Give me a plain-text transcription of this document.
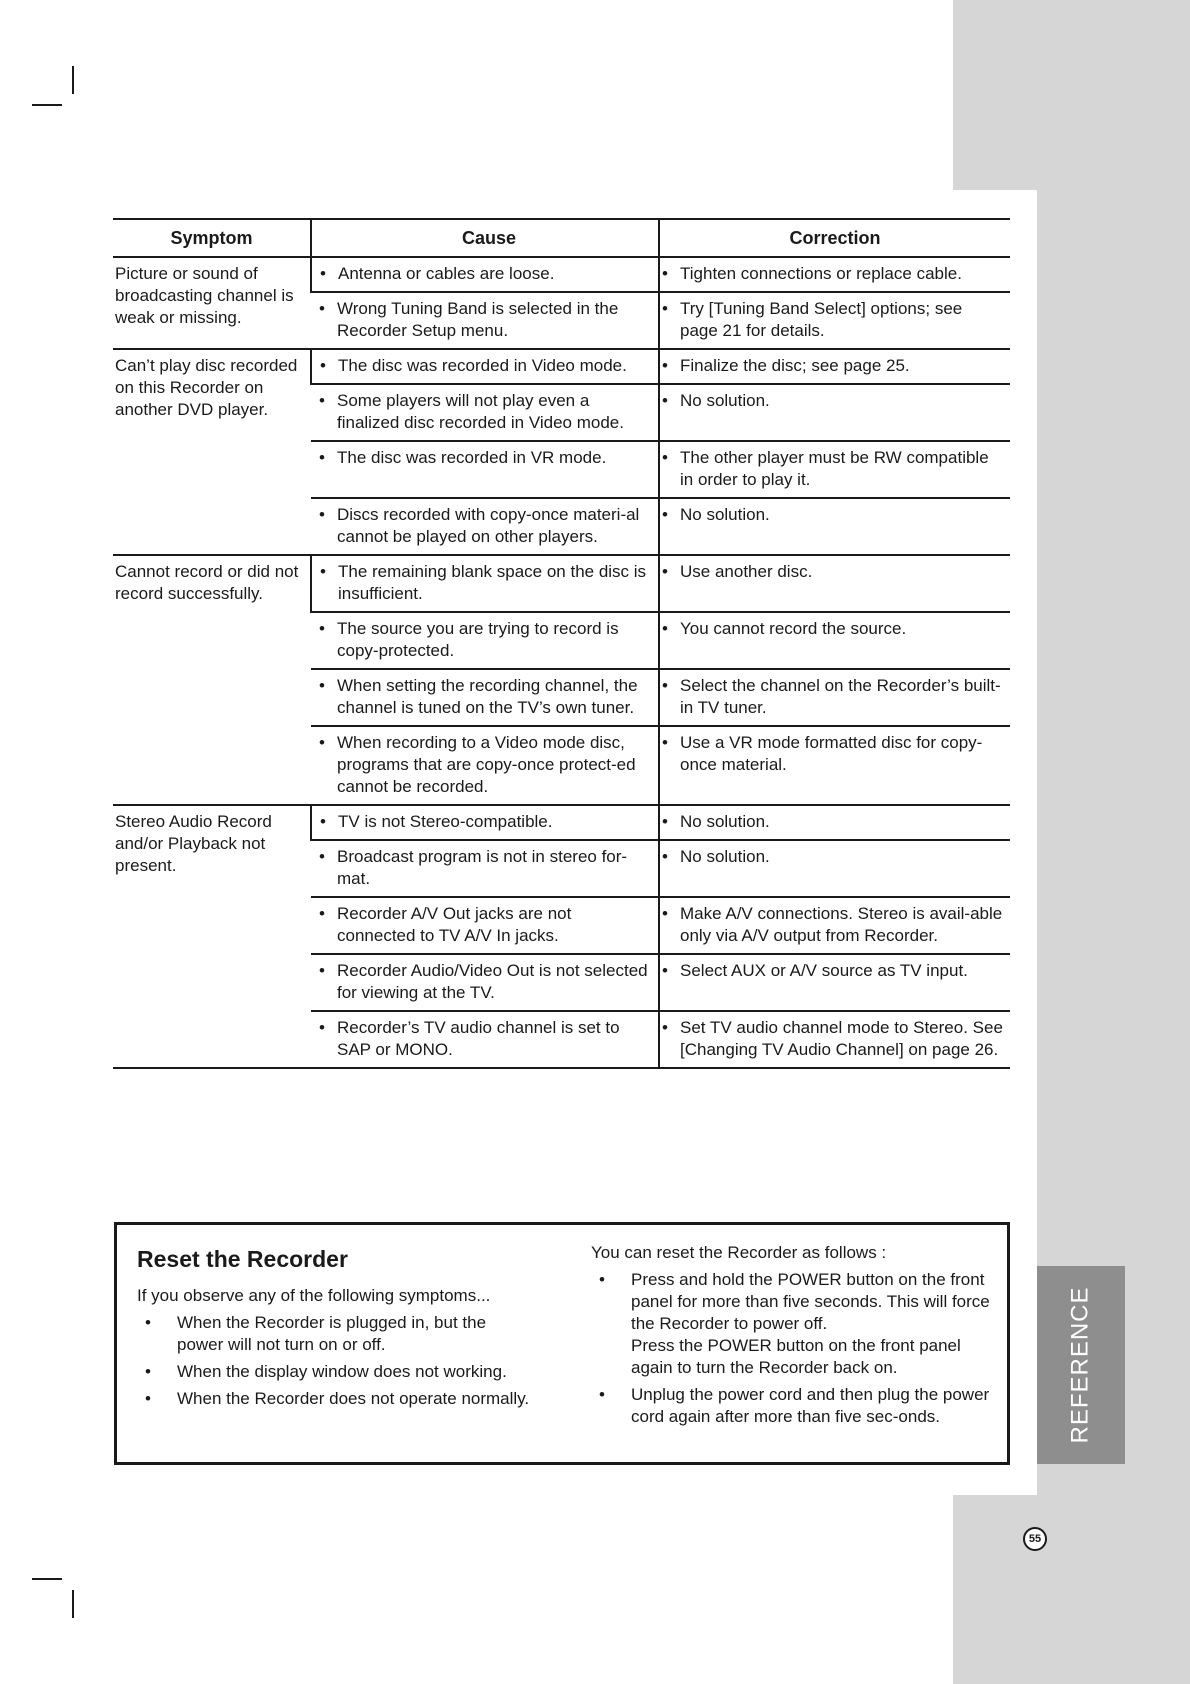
REFERENCE
55
Symptom	Cause	Correction
Picture or sound of broadcasting channel is weak or missing.	• Antenna or cables are loose.	• Tighten connections or replace cable.

	• Wrong Tuning Band is selected in the Recorder Setup menu.	• Try [Tuning Band Select] options; see page 21 for details.

Can’t play disc recorded on this Recorder on another DVD player.	• The disc was recorded in Video mode.	• Finalize the disc; see page 25.

	• Some players will not play even a finalized disc recorded in Video mode.	• No solution.

	• The disc was recorded in VR mode.	• The other player must be RW compatible in order to play it.

	• Discs recorded with copy-once materi-al cannot be played on other players.	• No solution.

Cannot record or did not record successfully.	• The remaining blank space on the disc is insufficient.	• Use another disc.

	• The source you are trying to record is copy-protected.	• You cannot record the source.

	• When setting the recording channel, the channel is tuned on the TV’s own tuner.	• Select the channel on the Recorder’s built-in TV tuner.

	• When recording to a Video mode disc, programs that are copy-once protect-ed cannot be recorded.	• Use a VR mode formatted disc for copy-once material.

Stereo Audio Record and/or Playback not present.	• TV is not Stereo-compatible.	• No solution.

	• Broadcast program is not in stereo for-mat.	• No solution.

	• Recorder A/V Out jacks are not connected to TV A/V In jacks.	• Make A/V connections. Stereo is avail-able only via A/V output from Recorder.

	• Recorder Audio/Video Out is not selected for viewing at the TV.	• Select AUX or A/V source as TV input.

	• Recorder’s TV audio channel is set to SAP or MONO.	• Set TV audio channel mode to Stereo. See [Changing TV Audio Channel] on page 26.
Reset the Recorder
If you observe any of the following symptoms...
•	When the Recorder is plugged in, but the power will not turn on or off.
•	When the display window does not working.
•	When the Recorder does not operate normally.
You can reset the Recorder as follows :
•	Press and hold the POWER button on the front panel for more than five seconds. This will force the Recorder to power off.
Press the POWER button on the front panel again to turn the Recorder back on.
•	Unplug the power cord and then plug the power cord again after more than five sec-onds.
